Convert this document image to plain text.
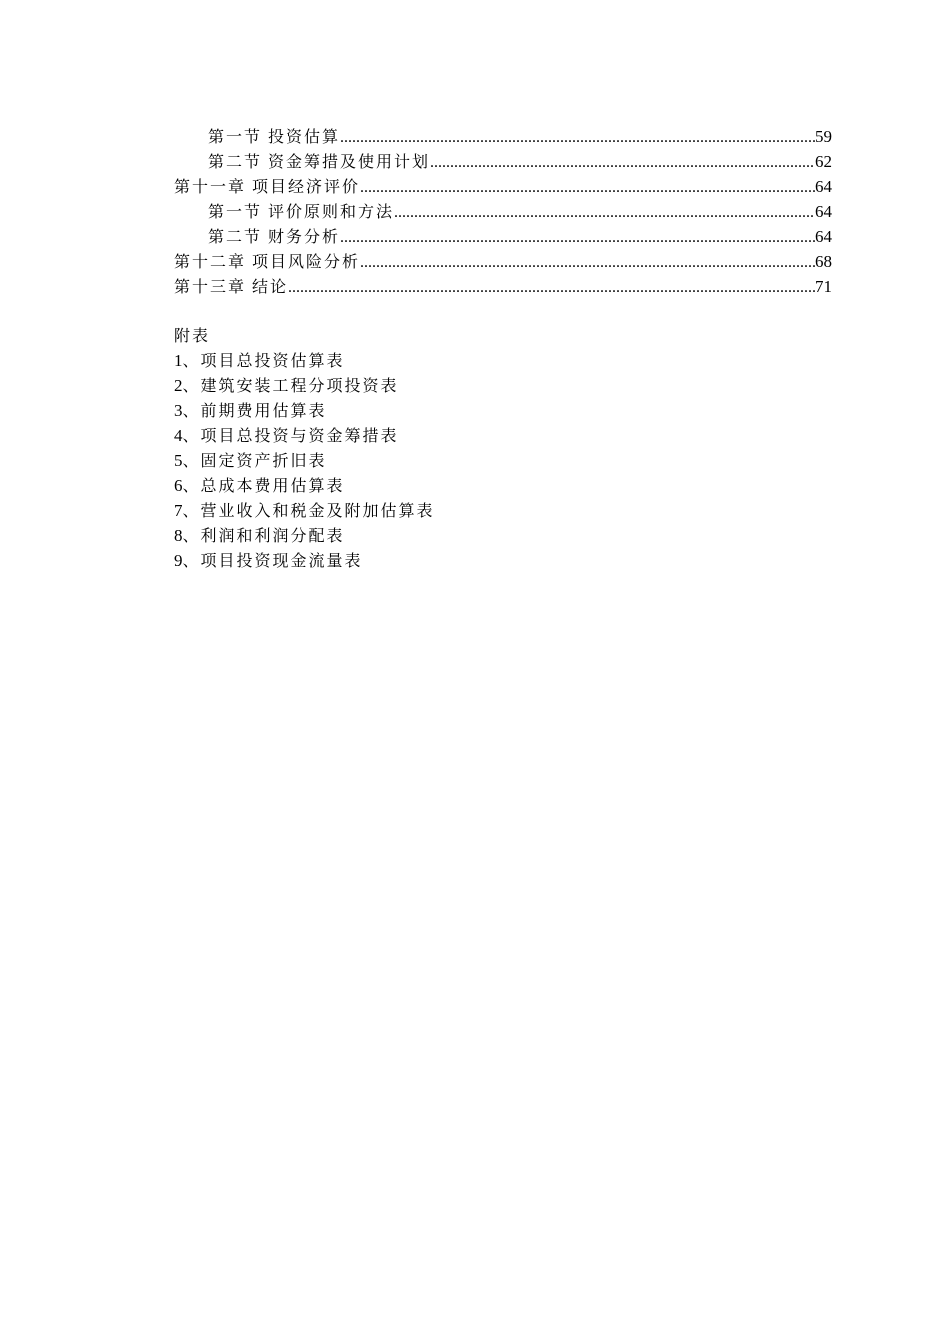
第一节 投资估算 .....	59
第二节 资金筹措及使用计划 .....	62
第十一章 项目经济评价 .....	64
第一节 评价原则和方法 .....	64
第二节 财务分析 .....	64
第十二章 项目风险分析 .....	68
第十三章 结论 .....	71
附表
1、项目总投资估算表
2、建筑安装工程分项投资表
3、前期费用估算表
4、项目总投资与资金筹措表
5、固定资产折旧表
6、总成本费用估算表
7、营业收入和税金及附加估算表
8、利润和利润分配表
9、项目投资现金流量表
